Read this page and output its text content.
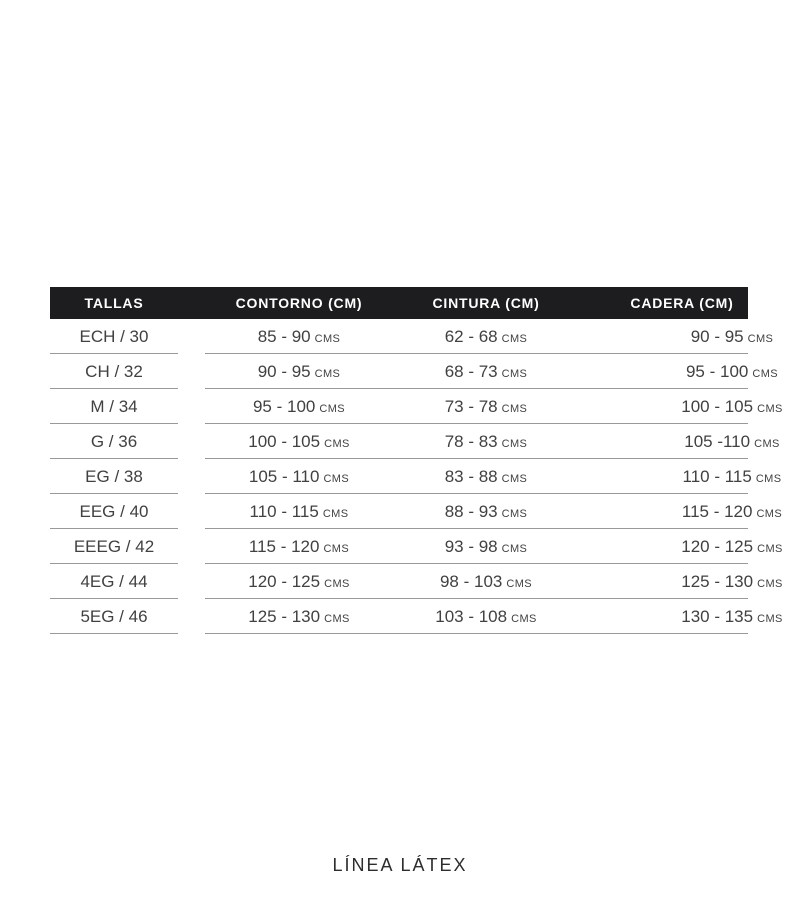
TALLAS	CONTORNO (CM)	CINTURA (CM)	CADERA (CM)
ECH / 30	85 - 90 CMS	62 - 68 CMS	90 - 95 CMS
CH / 32	90 - 95 CMS	68 - 73 CMS	95 - 100 CMS
M / 34	95 - 100 CMS	73 - 78 CMS	100 - 105 CMS
G / 36	100 - 105 CMS	78 - 83 CMS	105 -110 CMS
EG / 38	105 - 110 CMS	83 - 88 CMS	110 - 115 CMS
EEG / 40	110 - 115 CMS	88 - 93 CMS	115 - 120 CMS
EEEG / 42	115 - 120 CMS	93 - 98 CMS	120 - 125 CMS
4EG / 44	120 - 125 CMS	98 - 103 CMS	125 - 130 CMS
5EG / 46	125 - 130 CMS	103 - 108 CMS	130 - 135 CMS
LÍNEA LÁTEX
